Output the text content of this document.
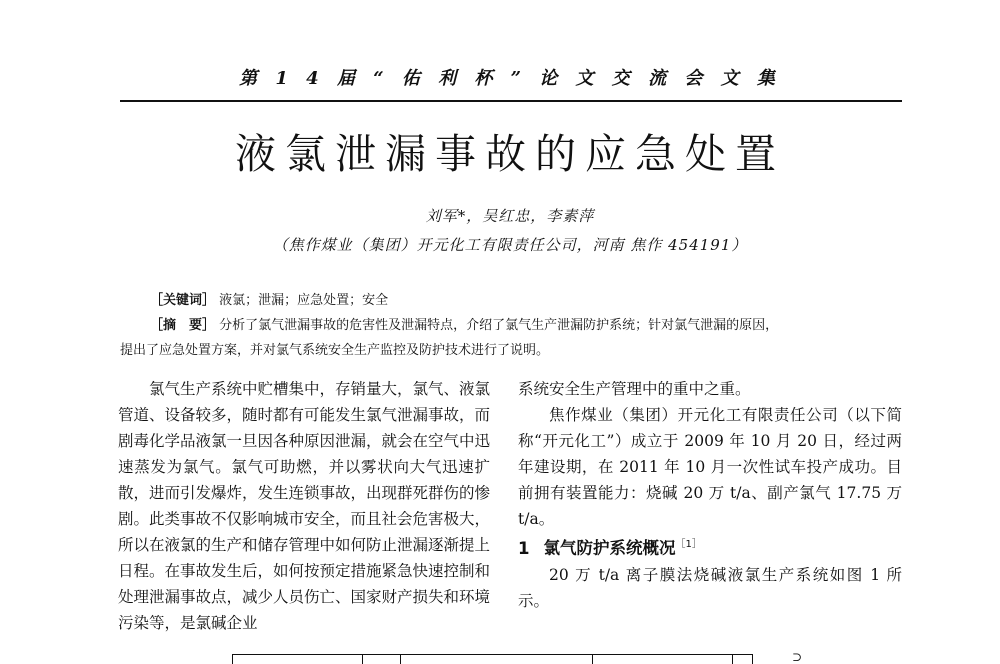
第 1 4 届 “ 佑 利 杯 ” 论 文 交 流 会 文 集
液氯泄漏事故的应急处置
刘军*，吴红忠，李素萍
（焦作煤业（集团）开元化工有限责任公司，河南 焦作 454191）
［关键词］ 液氯；泄漏；应急处置；安全
［摘　要］ 分析了氯气泄漏事故的危害性及泄漏特点，介绍了氯气生产泄漏防护系统；针对氯气泄漏的原因，
提出了应急处置方案，并对氯气系统安全生产监控及防护技术进行了说明。

氯气生产系统中贮槽集中，存销量大，氯气、液氯管道、设备较多，随时都有可能发生氯气泄漏事故，而剧毒化学品液氯一旦因各种原因泄漏，就会在空气中迅速蒸发为氯气。氯气可助燃，并以雾状向大气迅速扩散，进而引发爆炸，发生连锁事故，出现群死群伤的惨剧。此类事故不仅影响城市安全，而且社会危害极大，所以在液氯的生产和储存管理中如何防止泄漏逐渐提上日程。在事故发生后，如何按预定措施紧急快速控制和处理泄漏事故点，减少人员伤亡、国家财产损失和环境污染等，是氯碱企业

系统安全生产管理中的重中之重。

焦作煤业（集团）开元化工有限责任公司（以下简称“开元化工”）成立于 2009 年 10 月 20 日，经过两年建设期，在 2011 年 10 月一次性试车投产成功。目前拥有装置能力：烧碱 20 万 t/a、副产氯气 17.75 万t/a。

1 氯气防护系统概况$^{[1]}$

20 万 t/a 离子膜法烧碱液氯生产系统如图 1 所示。

⊃
